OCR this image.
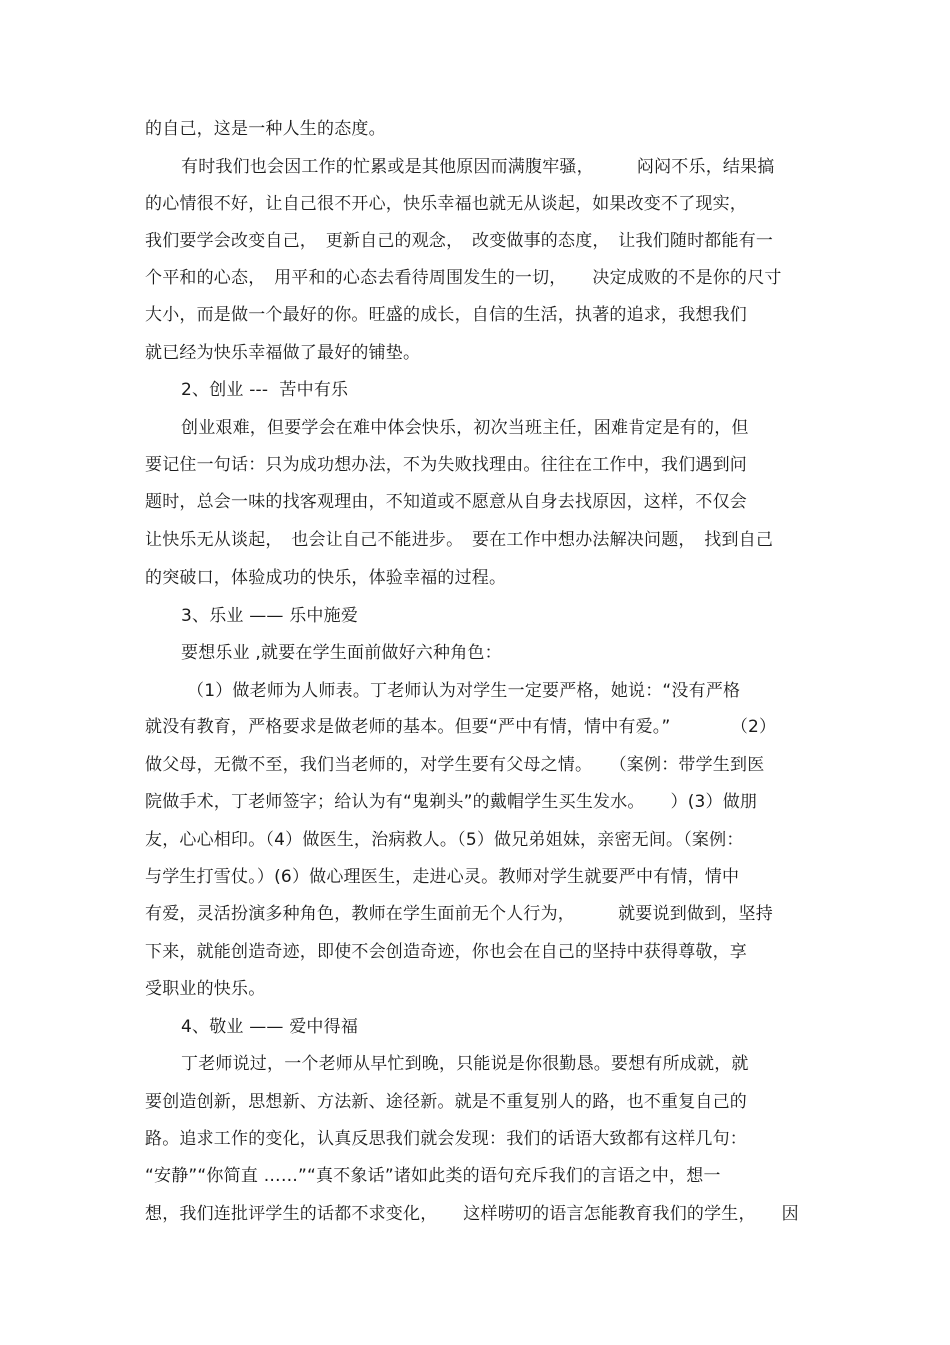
的自己，这是一种人生的态度。
有时我们也会因工作的忙累或是其他原因而满腹牢骚，　　　闷闷不乐，结果搞
的心情很不好，让自己很不开心，快乐幸福也就无从谈起，如果改变不了现实，
我们要学会改变自己，　更新自己的观念，　改变做事的态度，　让我们随时都能有一
个平和的心态，　用平和的心态去看待周围发生的一切，　　决定成败的不是你的尺寸
大小，而是做一个最好的你。旺盛的成长，自信的生活，执著的追求，我想我们
就已经为快乐幸福做了最好的铺垫。
2、创业 ---  苦中有乐
创业艰难，但要学会在难中体会快乐，初次当班主任，困难肯定是有的，但
要记住一句话：只为成功想办法，不为失败找理由。往往在工作中，我们遇到问
题时，总会一味的找客观理由，不知道或不愿意从自身去找原因，这样，不仅会
让快乐无从谈起，　也会让自己不能进步。　要在工作中想办法解决问题，　找到自己
的突破口，体验成功的快乐，体验幸福的过程。
3、乐业 —— 乐中施爱
要想乐业 ,就要在学生面前做好六种角色：
（1）做老师为人师表。丁老师认为对学生一定要严格，她说：“没有严格
就没有教育，严格要求是做老师的基本。但要“严中有情，情中有爱。”　　　　（2）
做父母，无微不至，我们当老师的，对学生要有父母之情。　　（案例：带学生到医
院做手术，丁老师签字；给认为有“鬼剃头”的戴帽学生买生发水。　　）(3）做朋
友，心心相印。（4）做医生，治病救人。（5）做兄弟姐妹，亲密无间。（案例：
与学生打雪仗。）(6）做心理医生，走进心灵。教师对学生就要严中有情，情中
有爱，灵活扮演多种角色，教师在学生面前无个人行为，　　　就要说到做到，坚持
下来，就能创造奇迹，即使不会创造奇迹，你也会在自己的坚持中获得尊敬，享
受职业的快乐。
4、敬业 —— 爱中得福
丁老师说过，一个老师从早忙到晚，只能说是你很勤恳。要想有所成就，就
要创造创新，思想新、方法新、途径新。就是不重复别人的路，也不重复自己的
路。追求工作的变化，认真反思我们就会发现：我们的话语大致都有这样几句：
“安静”“你简直 ……”“真不象话”诸如此类的语句充斥我们的言语之中，想一
想，我们连批评学生的话都不求变化，　　这样唠叨的语言怎能教育我们的学生，　　因
